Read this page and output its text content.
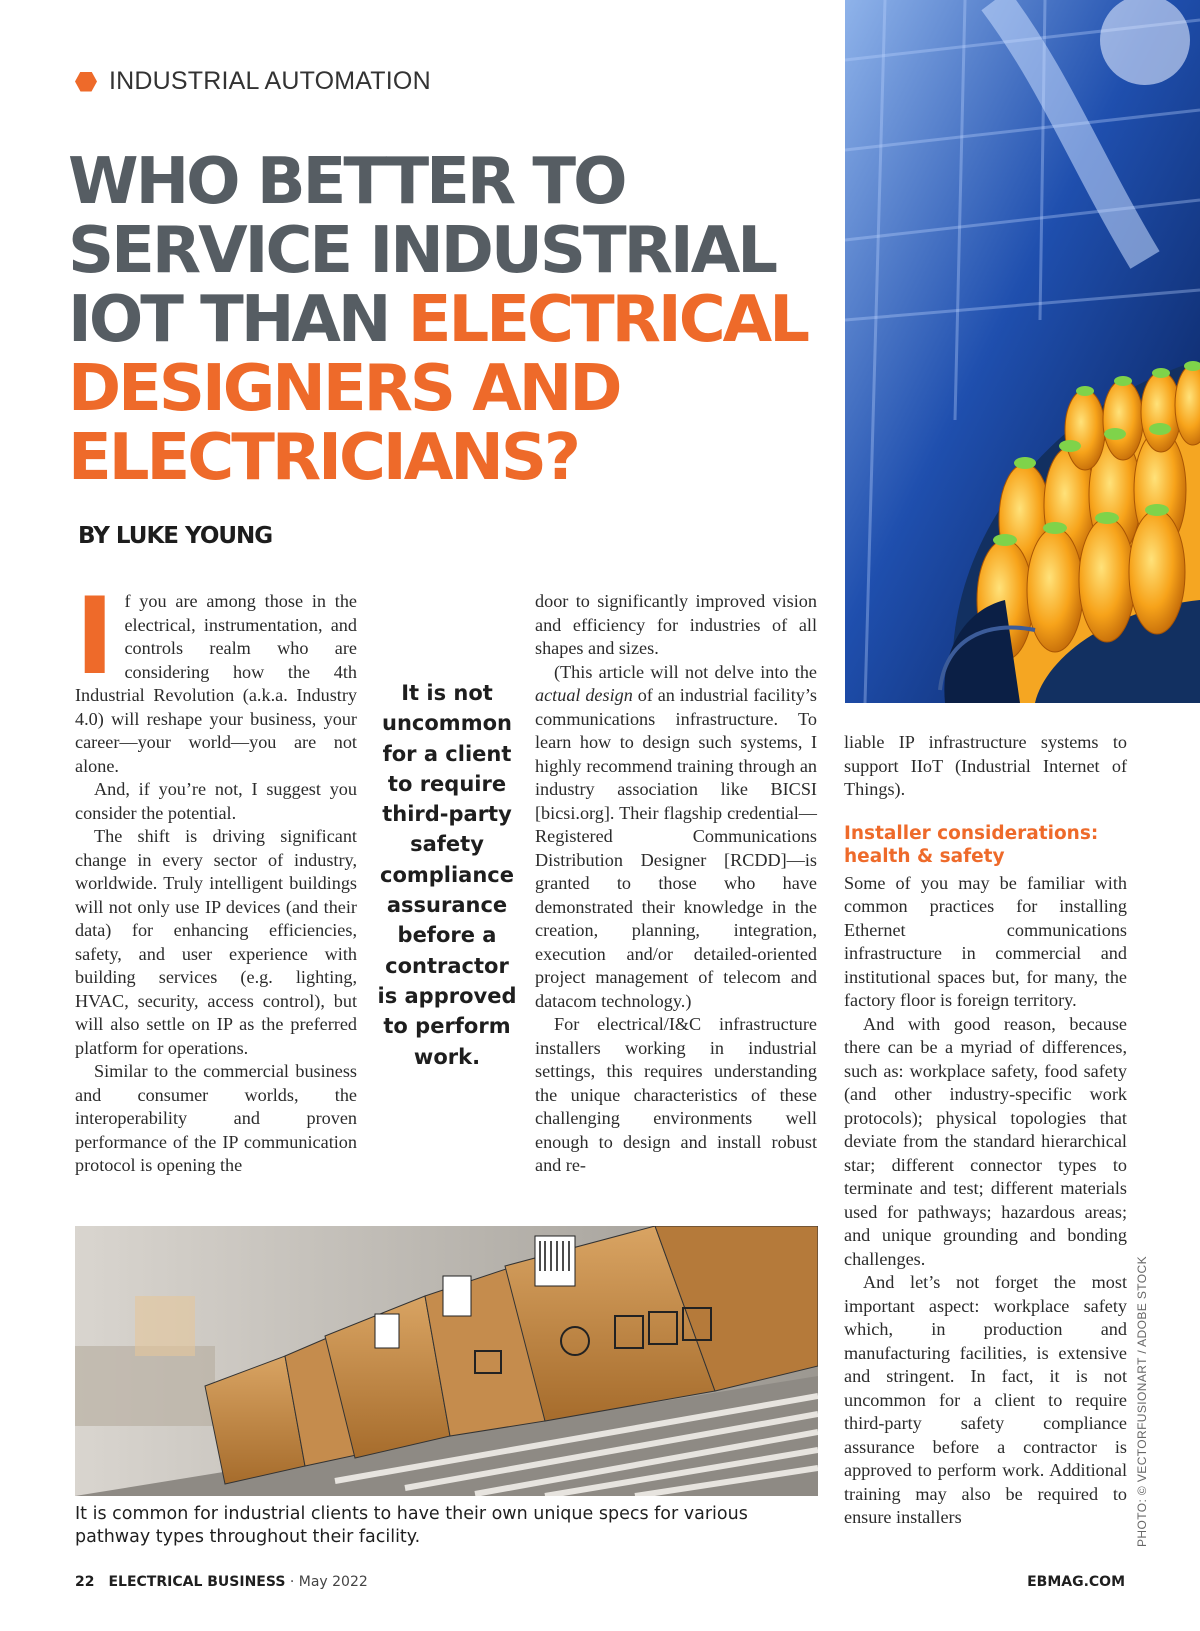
INDUSTRIAL AUTOMATION
WHO BETTER TO
SERVICE INDUSTRIAL
IOT THAN ELECTRICAL
DESIGNERS AND
ELECTRICIANS?
BY LUKE YOUNG

If you are among those in the electrical, instrumentation, and controls realm who are considering how the 4th Industrial Revolution (a.k.a. Industry 4.0) will reshape your business, your career—your world—you are not alone.

And, if you’re not, I suggest you consider the potential.

The shift is driving significant change in every sector of industry, worldwide. Truly intelligent buildings will not only use IP devices (and their data) for enhancing efficiencies, safety, and user experience with building services (e.g. lighting, HVAC, security, access control), but will also settle on IP as the preferred platform for operations.

Similar to the commercial business and consumer worlds, the interoperability and proven performance of the IP communication protocol is opening the

It is not uncommon for a client to require third-party safety compliance assurance before a contractor is approved to perform work.

door to significantly improved vision and efficiency for industries of all shapes and sizes.

(This article will not delve into the actual design of an industrial facility’s communications infrastructure. To learn how to design such systems, I highly recommend training through an industry association like BICSI [bicsi.org]. Their flagship credential—Registered Communications Distribution Designer [RCDD]—is granted to those who have demonstrated their knowledge in the creation, planning, integration, execution and/or detailed-oriented project management of telecom and datacom technology.)

For electrical/I&C infrastructure installers working in industrial settings, this requires understanding the unique characteristics of these challenging environments well enough to design and install robust and re-

liable IP infrastructure systems to support IIoT (Industrial Internet of Things).

Installer considerations:
health & safety

Some of you may be familiar with common practices for installing Ethernet communications infrastructure in commercial and institutional spaces but, for many, the factory floor is foreign territory.

And with good reason, because there can be a myriad of differences, such as: workplace safety, food safety (and other industry-specific work protocols); physical topologies that deviate from the standard hierarchical star; different connector types to terminate and test; different materials used for pathways; hazardous areas; and unique grounding and bonding challenges.

And let’s not forget the most important aspect: workplace safety which, in production and manufacturing facilities, is extensive and stringent. In fact, it is not uncommon for a client to require third-party safety compliance assurance before a contractor is approved to perform work. Additional training may also be required to ensure installers

It is common for industrial clients to have their own unique specs for various pathway types throughout their facility.	PHOTO: © VECTORFUSIONART / ADOBE STOCK
22 ELECTRICAL BUSINESS · May 2022	EBMAG.COM
